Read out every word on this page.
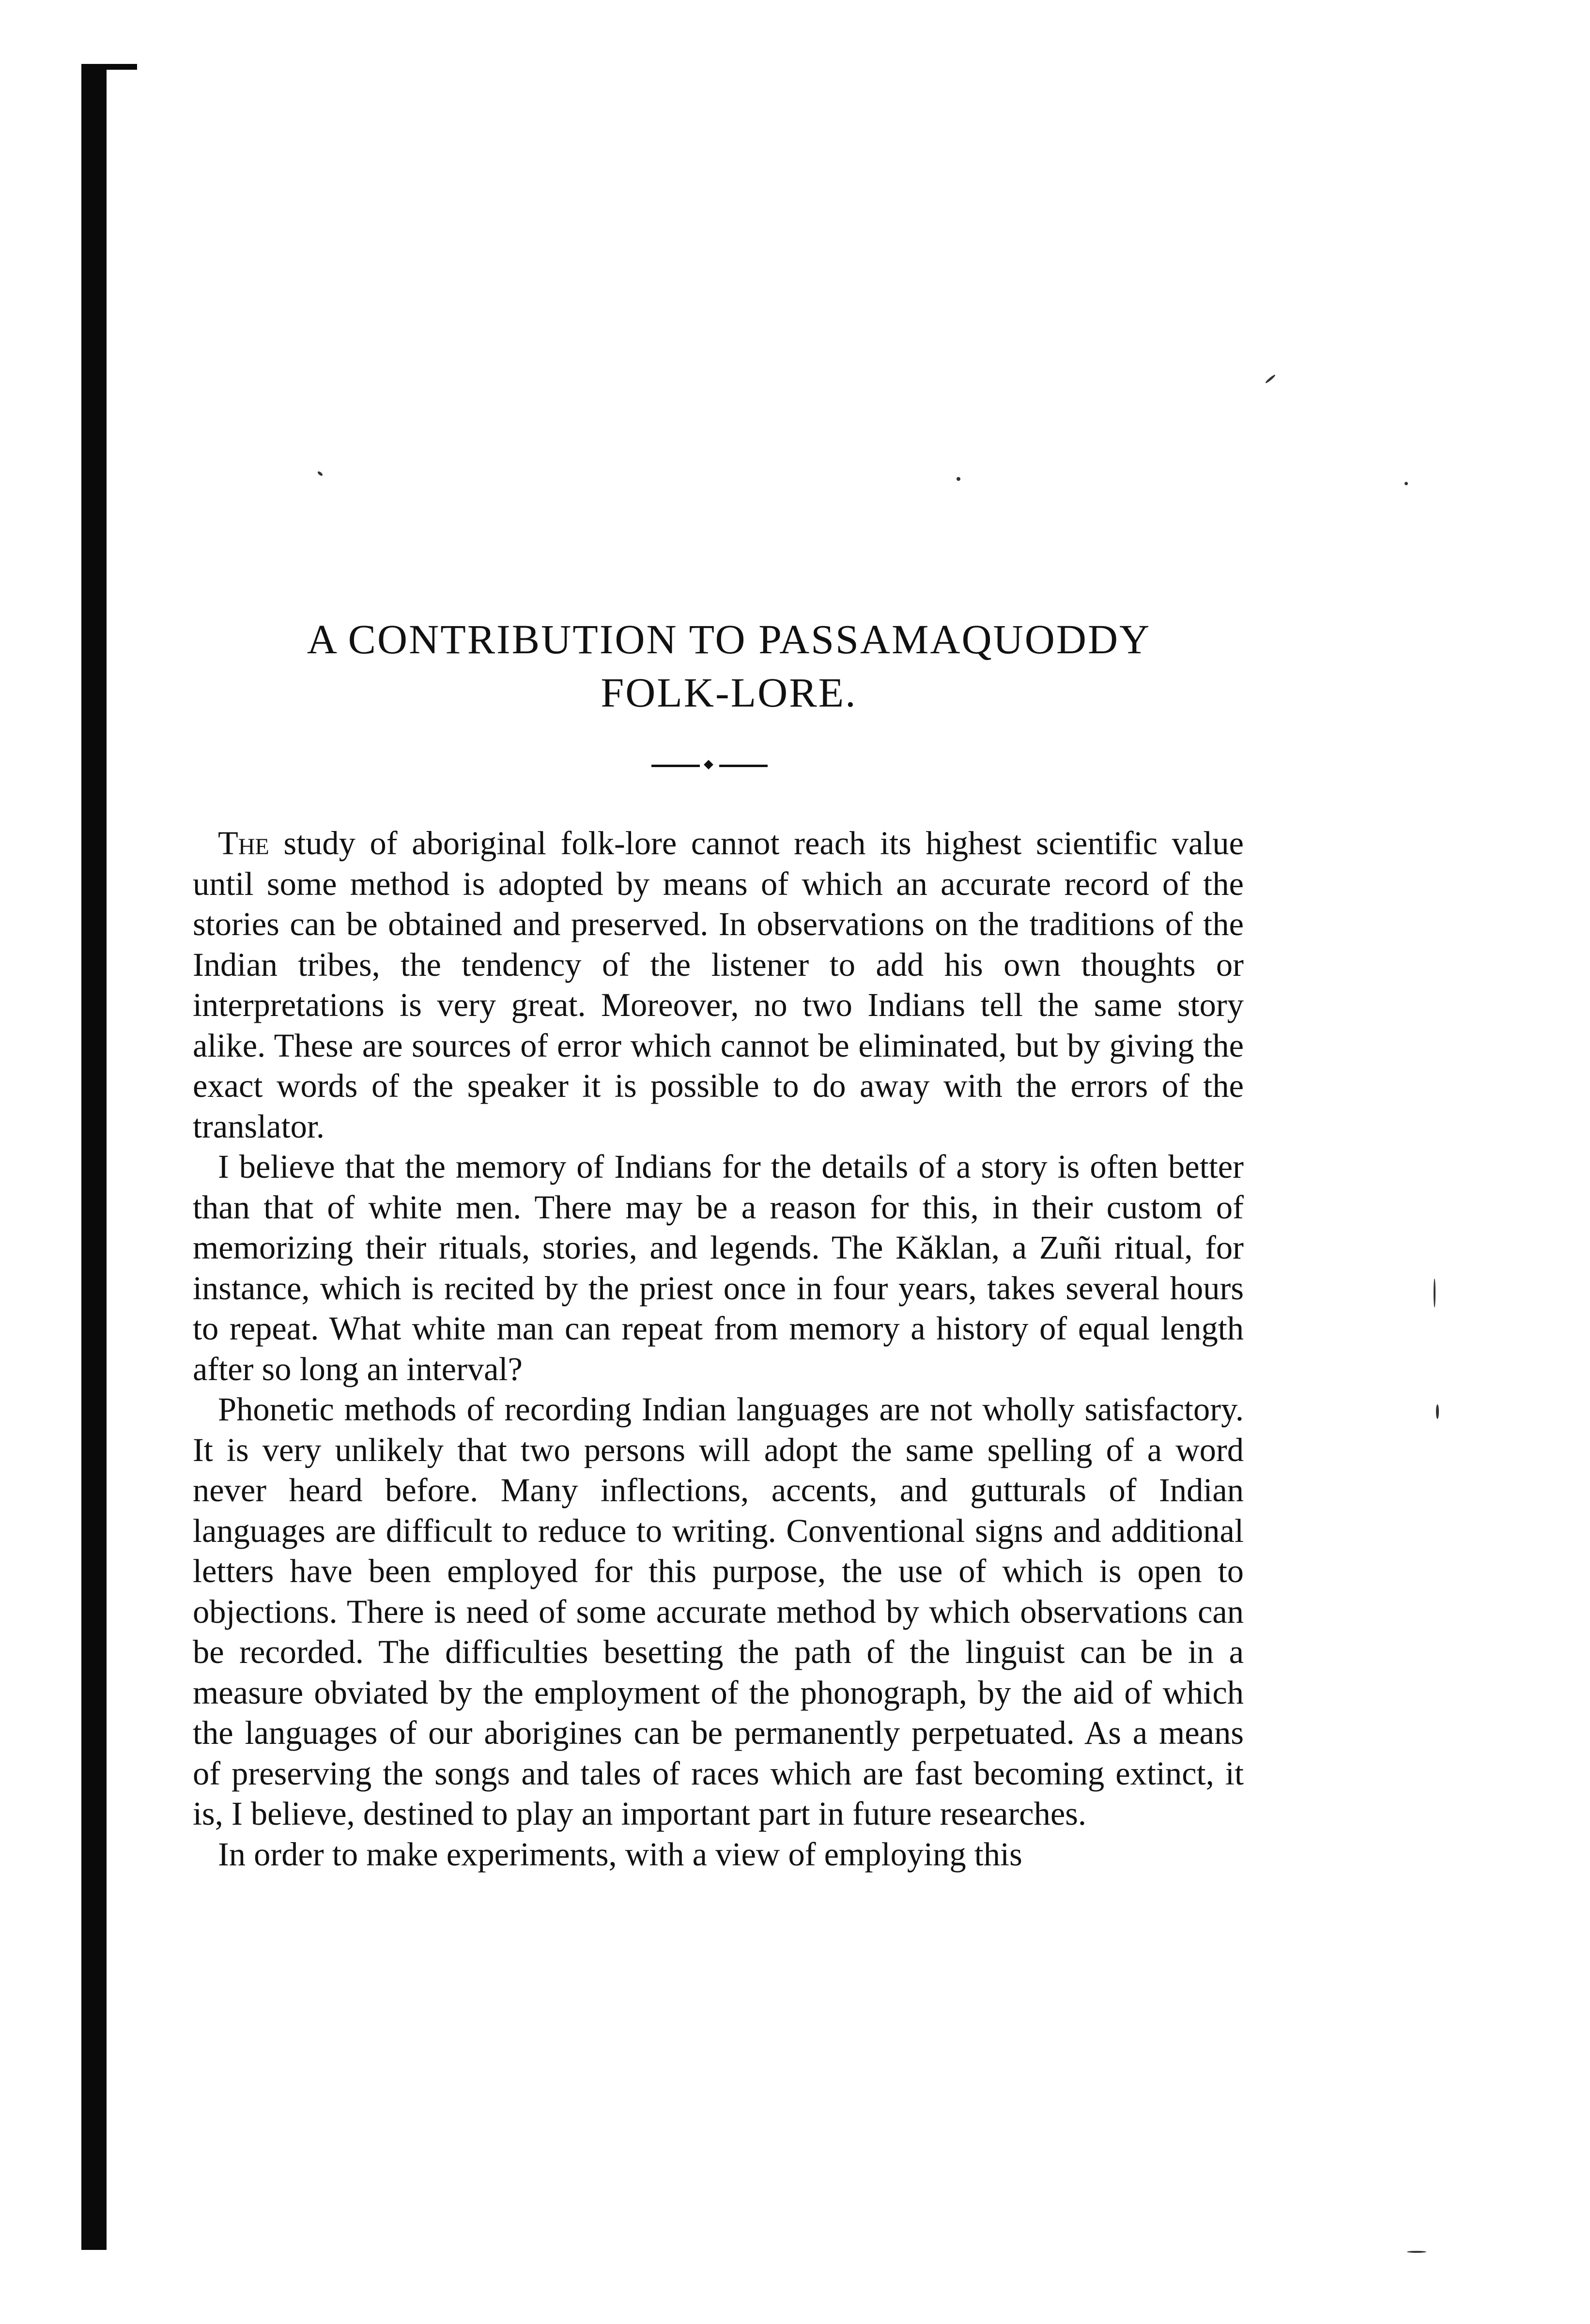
A CONTRIBUTION TO PASSAMAQUODDY
FOLK-LORE.

The study of aboriginal folk-lore cannot reach its highest scientific value until some method is adopted by means of which an accurate record of the stories can be obtained and preserved. In observations on the traditions of the Indian tribes, the tendency of the listener to add his own thoughts or interpretations is very great. Moreover, no two Indians tell the same story alike. These are sources of error which cannot be eliminated, but by giving the exact words of the speaker it is possible to do away with the errors of the translator.

I believe that the memory of Indians for the details of a story is often better than that of white men. There may be a reason for this, in their custom of memorizing their rituals, stories, and legends. The Kăklan, a Zuñi ritual, for instance, which is recited by the priest once in four years, takes several hours to repeat. What white man can repeat from memory a history of equal length after so long an interval?

Phonetic methods of recording Indian languages are not wholly satisfactory. It is very unlikely that two persons will adopt the same spelling of a word never heard before. Many inflections, accents, and gutturals of Indian languages are difficult to reduce to writing. Conventional signs and additional letters have been employed for this purpose, the use of which is open to objections. There is need of some accurate method by which observations can be recorded. The difficulties besetting the path of the linguist can be in a measure obviated by the employment of the phonograph, by the aid of which the languages of our aborigines can be permanently perpetuated. As a means of preserving the songs and tales of races which are fast becoming extinct, it is, I believe, destined to play an important part in future researches.

In order to make experiments, with a view of employing this
